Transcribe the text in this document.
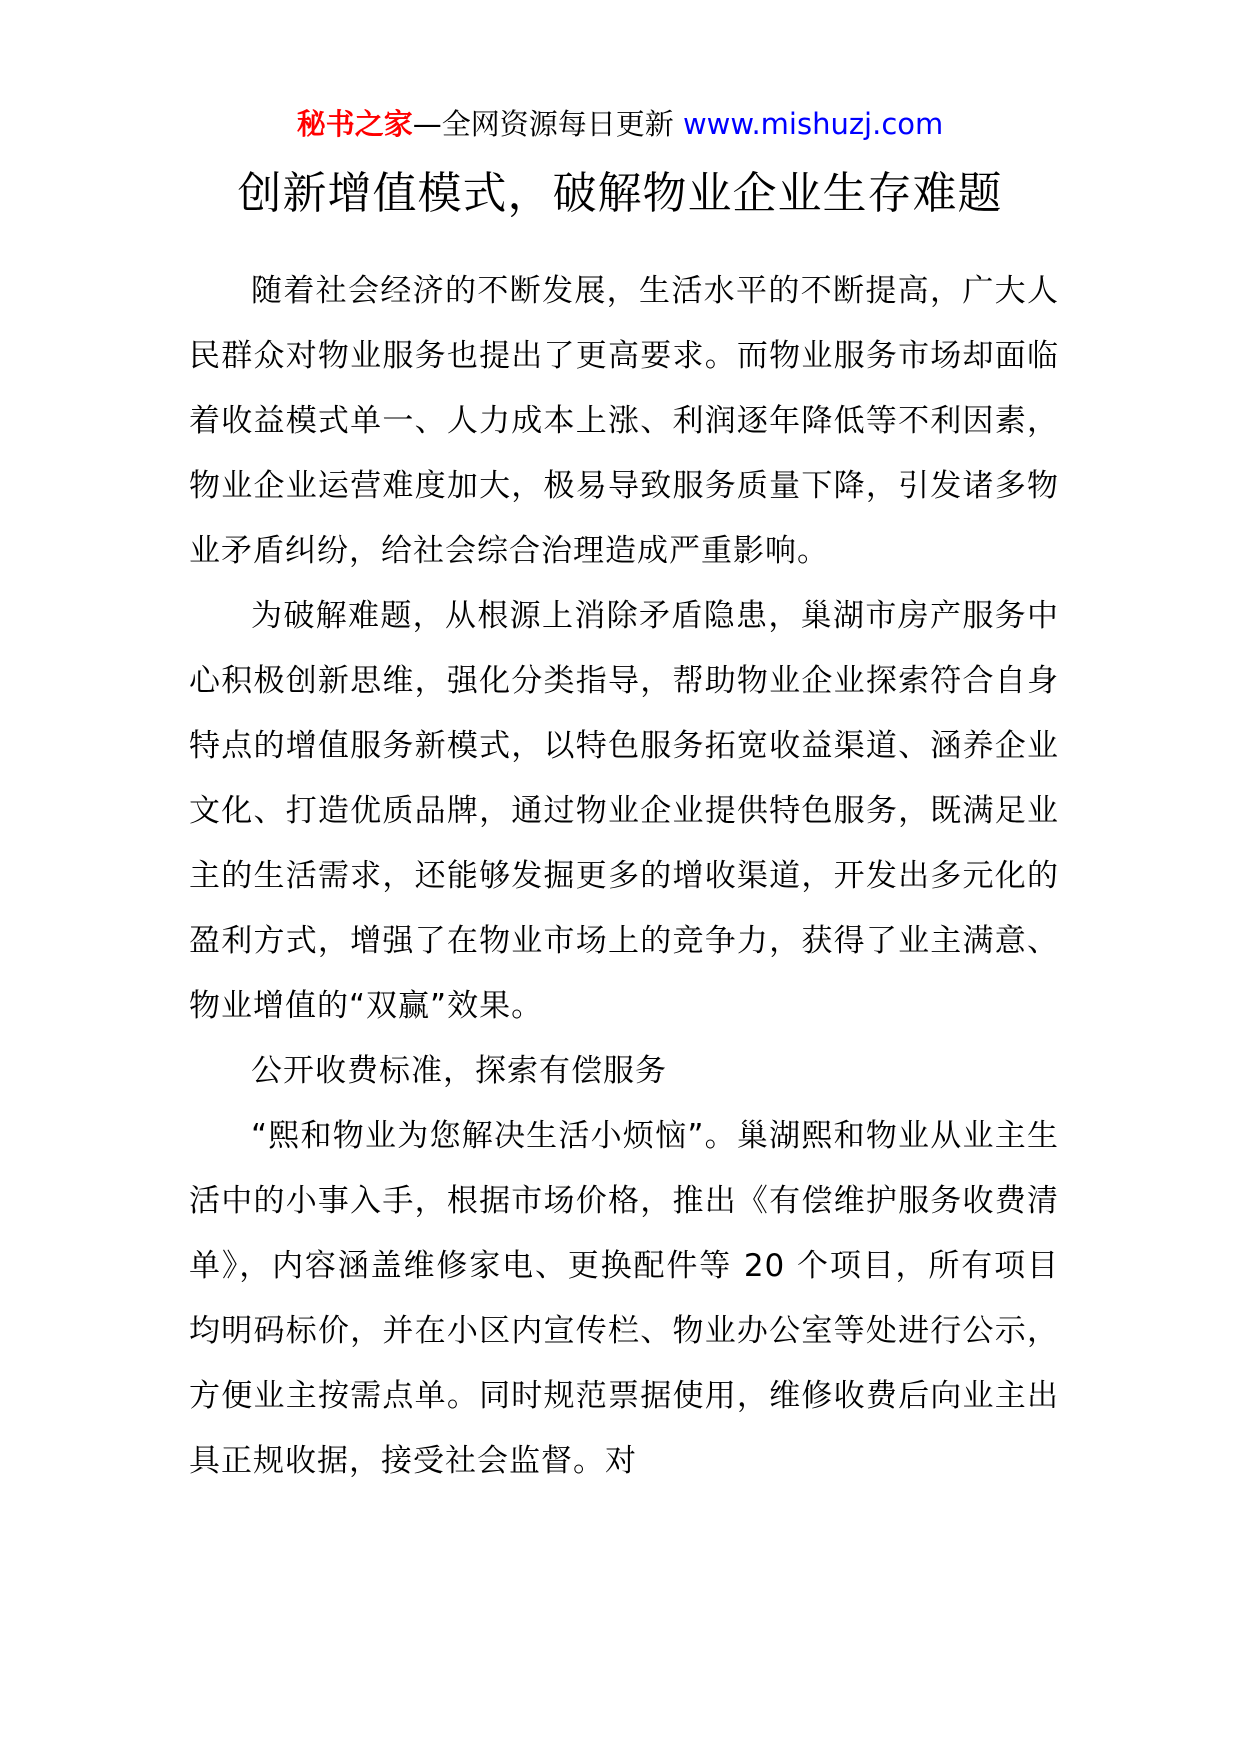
秘书之家—全网资源每日更新 www.mishuzj.com
创新增值模式，破解物业企业生存难题

随着社会经济的不断发展，生活水平的不断提高，广大人民群众对物业服务也提出了更高要求。而物业服务市场却面临着收益模式单一、人力成本上涨、利润逐年降低等不利因素，物业企业运营难度加大，极易导致服务质量下降，引发诸多物业矛盾纠纷，给社会综合治理造成严重影响。

为破解难题，从根源上消除矛盾隐患，巢湖市房产服务中心积极创新思维，强化分类指导，帮助物业企业探索符合自身特点的增值服务新模式，以特色服务拓宽收益渠道、涵养企业文化、打造优质品牌，通过物业企业提供特色服务，既满足业主的生活需求，还能够发掘更多的增收渠道，开发出多元化的盈利方式，增强了在物业市场上的竞争力，获得了业主满意、物业增值的“双赢”效果。

公开收费标准，探索有偿服务

“熙和物业为您解决生活小烦恼”。巢湖熙和物业从业主生活中的小事入手，根据市场价格，推出《有偿维护服务收费清单》，内容涵盖维修家电、更换配件等 20 个项目，所有项目均明码标价，并在小区内宣传栏、物业办公室等处进行公示，方便业主按需点单。同时规范票据使用，维修收费后向业主出具正规收据，接受社会监督。对
